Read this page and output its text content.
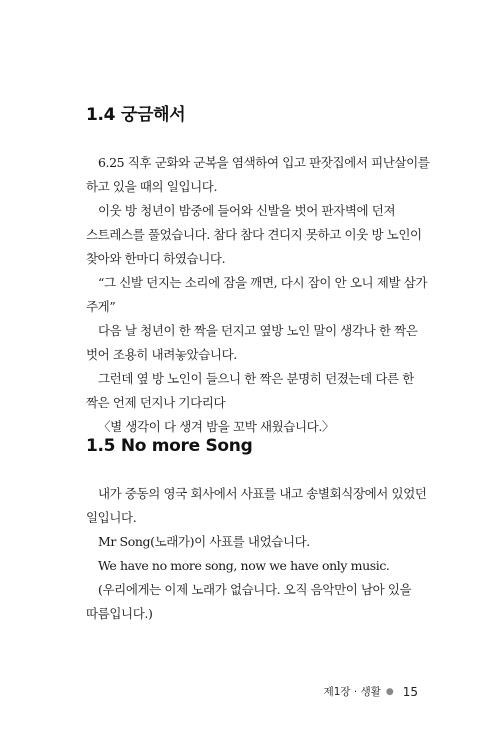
1.4 궁금해서

6.25 직후 군화와 군복을 염색하여 입고 판잣집에서 피난살이를 하고 있을 때의 일입니다.

이웃 방 청년이 밤중에 들어와 신발을 벗어 판자벽에 던져 스트레스를 풀었습니다. 참다 참다 견디지 못하고 이웃 방 노인이 찾아와 한마디 하였습니다.

“그 신발 던지는 소리에 잠을 깨면, 다시 잠이 안 오니 제발 삼가 주게”

다음 날 청년이 한 짝을 던지고 옆방 노인 말이 생각나 한 짝은 벗어 조용히 내려놓았습니다.

그런데 옆 방 노인이 들으니 한 짝은 분명히 던졌는데 다른 한 짝은 언제 던지나 기다리다

〈별 생각이 다 생겨 밤을 꼬박 새웠습니다.〉

1.5 No more Song

내가 중동의 영국 회사에서 사표를 내고 송별회식장에서 있었던 일입니다.

Mr Song(노래가)이 사표를 내었습니다.

We have no more song, now we have only music.

(우리에게는 이제 노래가 없습니다. 오직 음악만이 남아 있을 따름입니다.)

제1장 · 생활 ● 15
